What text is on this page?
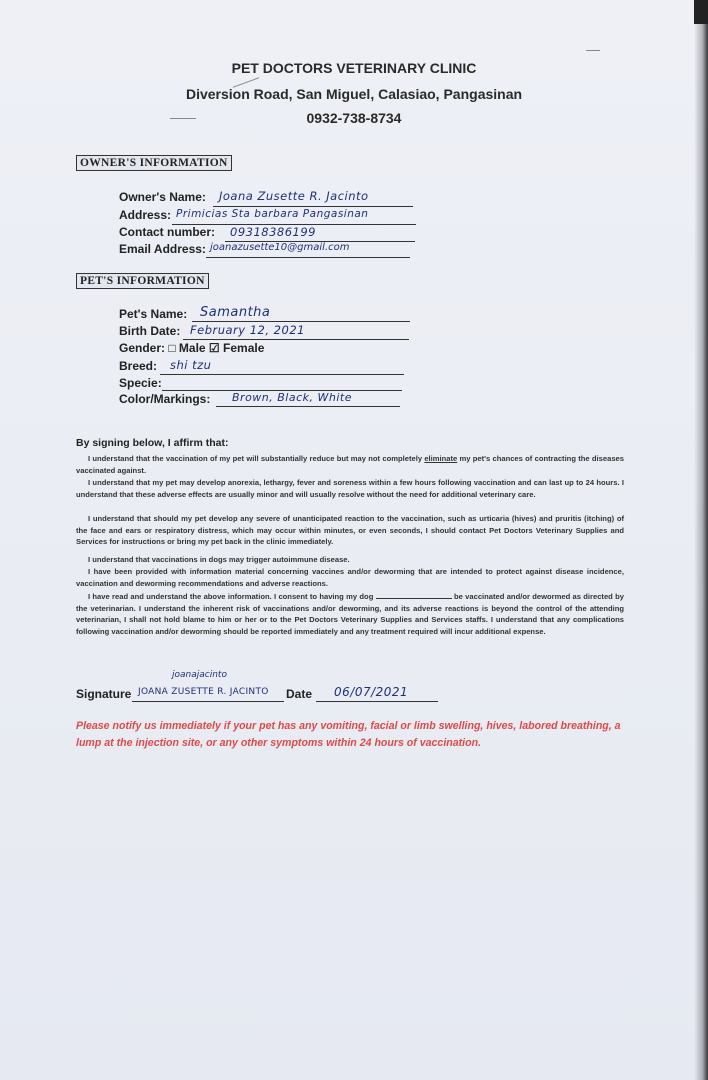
PET DOCTORS VETERINARY CLINIC
Diversion Road, San Miguel, Calasiao, Pangasinan
0932-738-8734
OWNER'S INFORMATION
Owner's Name: Joana Zusette R. Jacinto
Address: Primicias Sta barbara Pangasinan
Contact number: 09318386199
Email Address: joanazusette10@gmail.com
PET'S INFORMATION
Pet's Name: Samantha
Birth Date: February 12, 2021
Gender: □ Male ☑ Female
Breed: shi tzu
Specie:
Color/Markings: Brown, Black, White
By signing below, I affirm that:
I understand that the vaccination of my pet will substantially reduce but may not completely eliminate my pet's chances of contracting the diseases vaccinated against.
I understand that my pet may develop anorexia, lethargy, fever and soreness within a few hours following vaccination and can last up to 24 hours. I understand that these adverse effects are usually minor and will usually resolve without the need for additional veterinary care.
I understand that should my pet develop any severe of unanticipated reaction to the vaccination, such as urticaria (hives) and pruritis (itching) of the face and ears or respiratory distress, which may occur within minutes, or even seconds, I should contact Pet Doctors Veterinary Supplies and Services for instructions or bring my pet back in the clinic immediately.
I understand that vaccinations in dogs may trigger autoimmune disease.
I have been provided with information material concerning vaccines and/or deworming that are intended to protect against disease incidence, vaccination and deworming recommendations and adverse reactions.
I have read and understand the above information. I consent to having my dog	be vaccinated and/or dewormed as directed by the veterinarian. I understand the inherent risk of vaccinations and/or deworming, and its adverse reactions is beyond the control of the attending veterinarian, I shall not hold blame to him or her or to the Pet Doctors Veterinary Supplies and Services staffs. I understand that any complications following vaccination and/or deworming should be reported immediately and any treatment required will incur additional expense.
joanajacinto
Signature JOANA ZUSETTE R. JACINTO Date 06/07/2021
Please notify us immediately if your pet has any vomiting, facial or limb swelling, hives, labored breathing, a lump at the injection site, or any other symptoms within 24 hours of vaccination.
